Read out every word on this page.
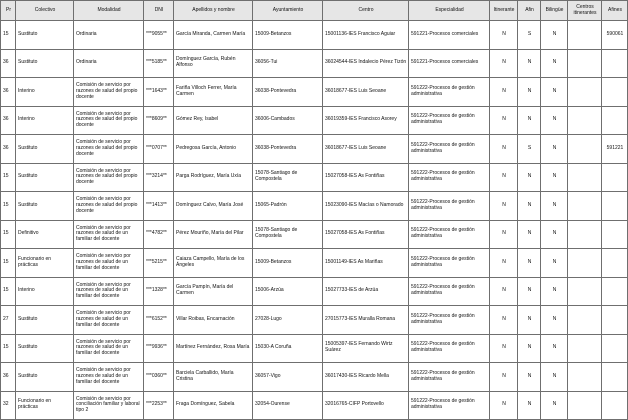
Pr	Colectivo	Modalidad	DNI	Apellidos y nombre	Ayuntamiento	Centro	Especialidad	Itinerante	Afin	Bilingüe	Centros itinerantes	Afines
15	Sustituto	Ordinaria	***9055**	García Miranda, Carmen María	15009-Betanzos	15001136-IES Francisco Aguiar	591221-Procesos comerciales	N	S	N		590061
36	Sustituto	Ordinaria	***5185**	Domínguez García, Rubén Alfonso	36056-Tui	36024544-IES Indalecio Pérez Tizón	591221-Procesos comerciales	N	N	N		
36	Interino	Comisión de servicio por razones de salud del propio docente	***1643**	Fariña Villoch Ferrer, María Carmen	36038-Pontevedra	36018677-IES Luis Seoane	591222-Procesos de gestión administrativa	N	N	N		
36	Interino	Comisión de servicio por razones de salud del propio docente	***8609**	Gómez Rey, Isabel	36006-Cambados	36019359-IES Francisco Asorey	591222-Procesos de gestión administrativa	N	N	N		
36	Sustituto	Comisión de servicio por razones de salud del propio docente	***0707**	Pedregosa García, Antonio	36038-Pontevedra	36018677-IES Luis Seoane	591222-Procesos de gestión administrativa	N	S	N		591221
15	Sustituto	Comisión de servicio por razones de salud del propio docente	***3214**	Parga Rodríguez, María Uxía	15078-Santiago de Compostela	15027058-IES As Fontiñas	591222-Procesos de gestión administrativa	N	N	N		
15	Sustituto	Comisión de servicio por razones de salud del propio docente	***1413**	Domínguez Calvo, María José	15065-Padrón	15023090-IES Macías o Namorado	591222-Procesos de gestión administrativa	N	N	N		
15	Definitivo	Comisión de servicio por razones de salud de un familiar del docente	***4782**	Pérez Mouriño, María del Pilar	15078-Santiago de Compostela	15027058-IES As Fontiñas	591222-Procesos de gestión administrativa	N	N	N		
15	Funcionario en prácticas	Comisión de servicio por razones de salud de un familiar del docente	***5215**	Caiaza Campello, María de los Ángeles	15009-Betanzos	15001149-IES As Mariñas	591222-Procesos de gestión administrativa	N	N	N		
15	Interino	Comisión de servicio por razones de salud de un familiar del docente	***1328**	García Pampín, María del Carmen	15006-Arzúa	15027733-IES de Arzúa	591222-Procesos de gestión administrativa	N	N	N		
27	Sustituto	Comisión de servicio por razones de salud de un familiar del docente	***6152**	Villar Roibas, Encarnación	27028-Lugo	27015773-IES Muralla Romana	591222-Procesos de gestión administrativa	N	N	N		
15	Sustituto	Comisión de servicio por razones de salud de un familiar del docente	***9936**	Martínez Fernández, Rosa María	15030-A Coruña	15005397-IES Fernando Wirtz Suárez	591222-Procesos de gestión administrativa	N	N	N		
36	Sustituto	Comisión de servicio por razones de salud de un familiar del docente	***0360**	Barciela Carballido, María Cristina	36057-Vigo	36017430-IES Ricardo Mella	591222-Procesos de gestión administrativa	N	N	N		
32	Funcionario en prácticas	Comisión de servicio por conciliación familiar y laboral tipo 2	***2253**	Fraga Domínguez, Sabela	32054-Ourense	32016765-CIFP Portovello	591222-Procesos de gestión administrativa	N	N	N		
